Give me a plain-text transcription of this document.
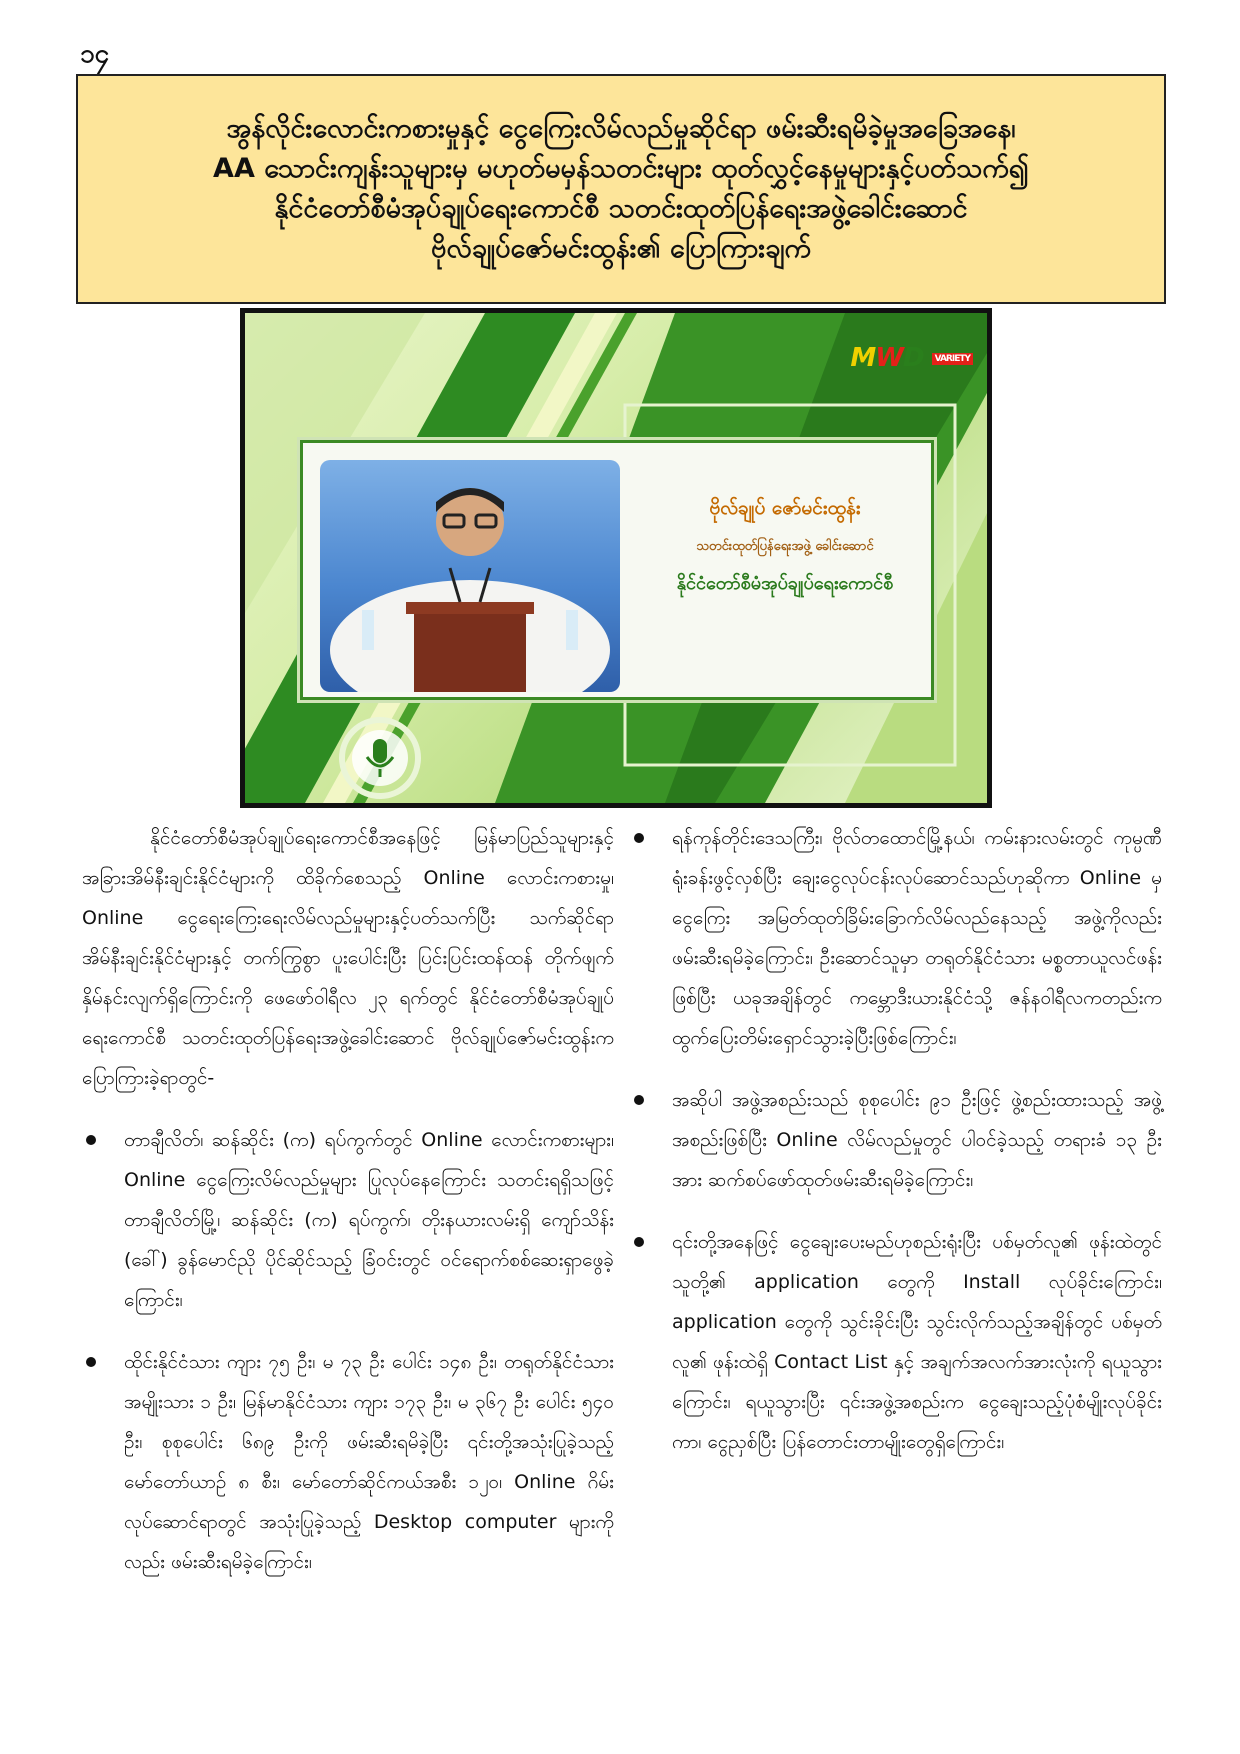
၁၄
အွန်လိုင်းလောင်းကစားမှုနှင့် ငွေကြေးလိမ်လည်မှုဆိုင်ရာ ဖမ်းဆီးရမိခဲ့မှုအခြေအနေ၊
AA သောင်းကျန်းသူများမှ မဟုတ်မမှန်သတင်းများ ထုတ်လွှင့်နေမှုများနှင့်ပတ်သက်၍
နိုင်ငံတော်စီမံအုပ်ချုပ်ရေးကောင်စီ သတင်းထုတ်ပြန်ရေးအဖွဲ့ခေါင်းဆောင်
ဗိုလ်ချုပ်ဇော်မင်းထွန်း၏ ပြောကြားချက်
MWD VARIETY
ဗိုလ်ချုပ် ဇော်မင်းထွန်း
သတင်းထုတ်ပြန်ရေးအဖွဲ့ ခေါင်းဆောင်
နိုင်ငံတော်စီမံအုပ်ချုပ်ရေးကောင်စီ

နိုင်ငံတော်စီမံအုပ်ချုပ်ရေးကောင်စီအနေဖြင့် မြန်မာပြည်သူများနှင့် အခြားအိမ်နီးချင်းနိုင်ငံများကို ထိခိုက်စေသည့် Online လောင်းကစားမှု၊ Online ငွေရေးကြေးရေးလိမ်လည်မှုများနှင့်ပတ်သက်ပြီး သက်ဆိုင်ရာ အိမ်နီးချင်းနိုင်ငံများနှင့် တက်ကြွစွာ ပူးပေါင်းပြီး ပြင်းပြင်းထန်ထန် တိုက်ဖျက်နှိမ်နင်းလျက်ရှိကြောင်းကို ဖေဖော်ဝါရီလ ၂၃ ရက်တွင် နိုင်ငံတော်စီမံအုပ်ချုပ်ရေးကောင်စီ သတင်းထုတ်ပြန်ရေးအဖွဲ့ခေါင်းဆောင် ဗိုလ်ချုပ်ဇော်မင်းထွန်းက ပြောကြားခဲ့ရာတွင်-

တာချီလိတ်၊ ဆန်ဆိုင်း (က) ရပ်ကွက်တွင် Online လောင်းကစားများ၊ Online ငွေကြေးလိမ်လည်မှုများ ပြုလုပ်နေကြောင်း သတင်းရရှိသဖြင့် တာချီလိတ်မြို့၊ ဆန်ဆိုင်း (က) ရပ်ကွက်၊ တိုးနယားလမ်းရှိ ကျော်သိန်း (ခေါ်) ခွန်မောင်ညို ပိုင်ဆိုင်သည့် ခြံဝင်းတွင် ဝင်ရောက်စစ်ဆေးရှာဖွေခဲ့ကြောင်း၊

ထိုင်းနိုင်ငံသား ကျား ၇၅ ဦး၊ မ ၇၃ ဦး ပေါင်း ၁၄၈ ဦး၊ တရုတ်နိုင်ငံသား အမျိုးသား ၁ ဦး၊ မြန်မာနိုင်ငံသား ကျား ၁၇၃ ဦး၊ မ ၃၆၇ ဦး ပေါင်း ၅၄၀ ဦး၊ စုစုပေါင်း ၆၈၉ ဦးကို ဖမ်းဆီးရမိခဲ့ပြီး ၎င်းတို့အသုံးပြုခဲ့သည့် မော်တော်ယာဉ် ၈ စီး၊ မော်တော်ဆိုင်ကယ်အစီး ၁၂၀၊ Online ဂိမ်းလုပ်ဆောင်ရာတွင် အသုံးပြုခဲ့သည့် Desktop computer များကိုလည်း ဖမ်းဆီးရမိခဲ့ကြောင်း၊

ရန်ကုန်တိုင်းဒေသကြီး၊ ဗိုလ်တထောင်မြို့နယ်၊ ကမ်းနားလမ်းတွင် ကုမ္ပဏီရုံးခန်းဖွင့်လှစ်ပြီး ချေးငွေလုပ်ငန်းလုပ်ဆောင်သည်ဟုဆိုကာ Online မှ ငွေကြေး အမြတ်ထုတ်ခြိမ်းခြောက်လိမ်လည်နေသည့် အဖွဲ့ကိုလည်း ဖမ်းဆီးရမိခဲ့ကြောင်း၊ ဦးဆောင်သူမှာ တရုတ်နိုင်ငံသား မစ္စတာယူလင်ဖန်းဖြစ်ပြီး ယခုအချိန်တွင် ကမ္ဘောဒီးယားနိုင်ငံသို့ ဇန်နဝါရီလကတည်းက ထွက်ပြေးတိမ်းရှောင်သွားခဲ့ပြီးဖြစ်ကြောင်း၊

အဆိုပါ အဖွဲ့အစည်းသည် စုစုပေါင်း ၉၁ ဦးဖြင့် ဖွဲ့စည်းထားသည့် အဖွဲ့အစည်းဖြစ်ပြီး Online လိမ်လည်မှုတွင် ပါဝင်ခဲ့သည့် တရားခံ ၁၃ ဦးအား ဆက်စပ်ဖော်ထုတ်ဖမ်းဆီးရမိခဲ့ကြောင်း၊

၎င်းတို့အနေဖြင့် ငွေချေးပေးမည်ဟုစည်းရုံးပြီး ပစ်မှတ်လူ၏ ဖုန်းထဲတွင် သူတို့၏ application တွေကို Install လုပ်ခိုင်းကြောင်း၊ application တွေကို သွင်းခိုင်းပြီး သွင်းလိုက်သည့်အချိန်တွင် ပစ်မှတ်လူ၏ ဖုန်းထဲရှိ Contact List နှင့် အချက်အလက်အားလုံးကို ရယူသွားကြောင်း၊ ရယူသွားပြီး ၎င်းအဖွဲ့အစည်းက ငွေချေးသည့်ပုံစံမျိုးလုပ်ခိုင်းကာ၊ ငွေညှစ်ပြီး ပြန်တောင်းတာမျိုးတွေရှိကြောင်း၊
